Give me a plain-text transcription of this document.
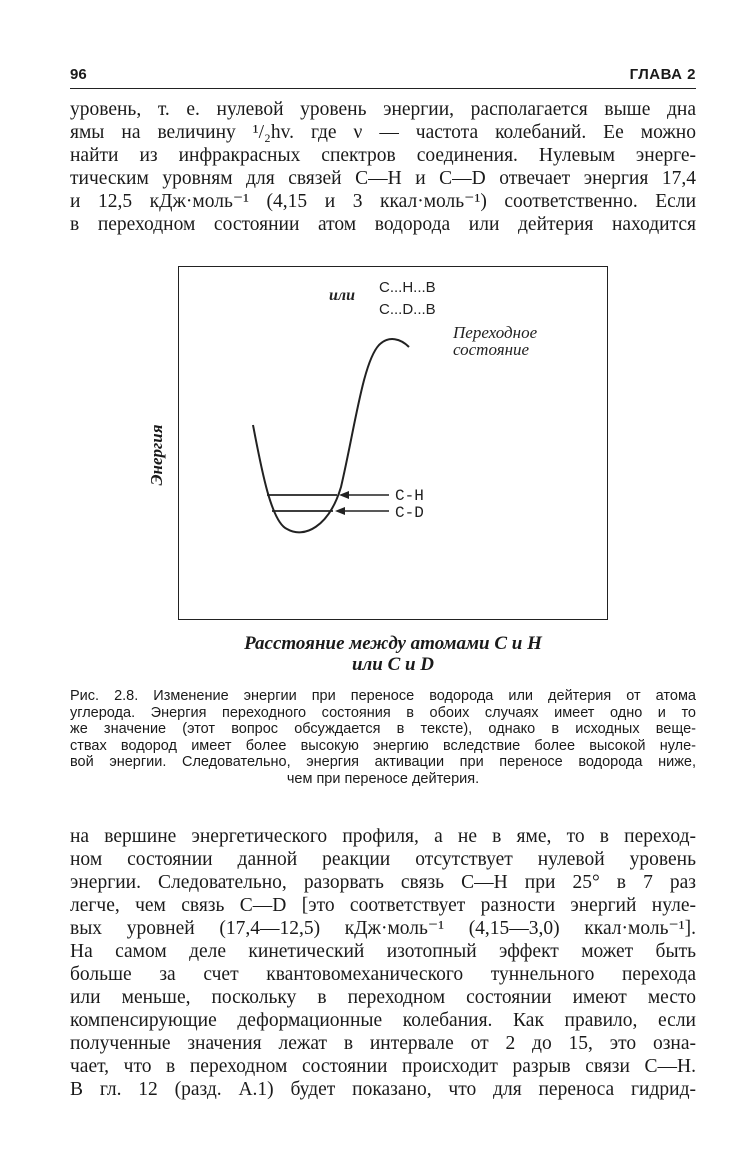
96	ГЛАВА 2
уровень, т. е. нулевой уровень энергии, располагается выше дна
ямы на величину ¹/₂hv. где ν — частота колебаний. Ее можно
найти из инфракрасных спектров соединения. Нулевым энерге-
тическим уровням для связей С—Н и С—D отвечает энергия 17,4
и 12,5 кДж·моль⁻¹ (4,15 и 3 ккал·моль⁻¹) соответственно. Если
в переходном состоянии атом водорода или дейтерия находится
Энергия
С-Н
С-D
или C...H...B
C...D...B
Переходное
состояние
Расстояние между атомами С и Н
или С и D
Рис. 2.8. Изменение энергии при переносе водорода или дейтерия от атома
углерода. Энергия переходного состояния в обоих случаях имеет одно и то
же значение (этот вопрос обсуждается в тексте), однако в исходных веще-
ствах водород имеет более высокую энергию вследствие более высокой нуле-
вой энергии. Следовательно, энергия активации при переносе водорода ниже,
чем при переносе дейтерия.
на вершине энергетического профиля, а не в яме, то в переход-
ном состоянии данной реакции отсутствует нулевой уровень
энергии. Следовательно, разорвать связь С—Н при 25° в 7 раз
легче, чем связь С—D [это соответствует разности энергий нуле-
вых уровней (17,4—12,5) кДж·моль⁻¹ (4,15—3,0) ккал·моль⁻¹].
На самом деле кинетический изотопный эффект может быть
больше за счет квантовомеханического туннельного перехода
или меньше, поскольку в переходном состоянии имеют место
компенсирующие деформационные колебания. Как правило, если
полученные значения лежат в интервале от 2 до 15, это озна-
чает, что в переходном состоянии происходит разрыв связи С—Н.
В гл. 12 (разд. А.1) будет показано, что для переноса гидрид-
